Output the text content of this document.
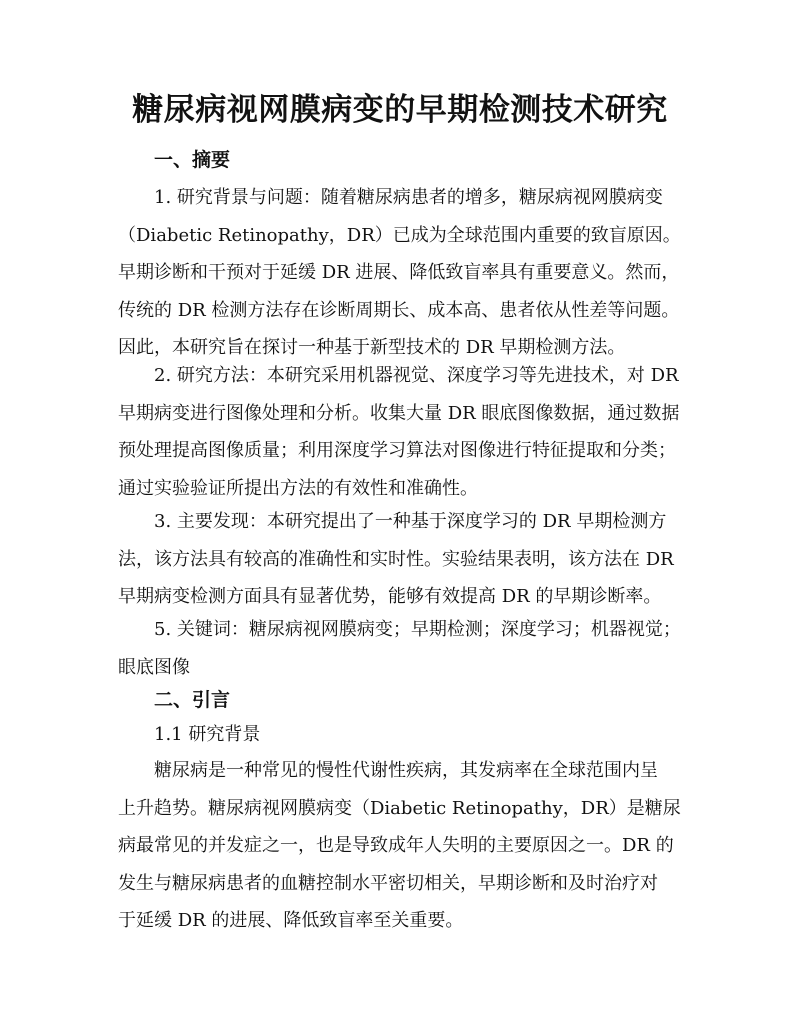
糖尿病视网膜病变的早期检测技术研究
一、摘要
1. 研究背景与问题：随着糖尿病患者的增多，糖尿病视网膜病变
（Diabetic Retinopathy，DR）已成为全球范围内重要的致盲原因。
早期诊断和干预对于延缓 DR 进展、降低致盲率具有重要意义。然而，
传统的 DR 检测方法存在诊断周期长、成本高、患者依从性差等问题。
因此，本研究旨在探讨一种基于新型技术的 DR 早期检测方法。
2. 研究方法：本研究采用机器视觉、深度学习等先进技术，对 DR
早期病变进行图像处理和分析。收集大量 DR 眼底图像数据，通过数据
预处理提高图像质量；利用深度学习算法对图像进行特征提取和分类；
通过实验验证所提出方法的有效性和准确性。
3. 主要发现：本研究提出了一种基于深度学习的 DR 早期检测方
法，该方法具有较高的准确性和实时性。实验结果表明，该方法在 DR
早期病变检测方面具有显著优势，能够有效提高 DR 的早期诊断率。
5. 关键词：糖尿病视网膜病变；早期检测；深度学习；机器视觉；
眼底图像
二、引言
1.1 研究背景
糖尿病是一种常见的慢性代谢性疾病，其发病率在全球范围内呈
上升趋势。糖尿病视网膜病变（Diabetic Retinopathy，DR）是糖尿
病最常见的并发症之一，也是导致成年人失明的主要原因之一。DR 的
发生与糖尿病患者的血糖控制水平密切相关，早期诊断和及时治疗对
于延缓 DR 的进展、降低致盲率至关重要。
